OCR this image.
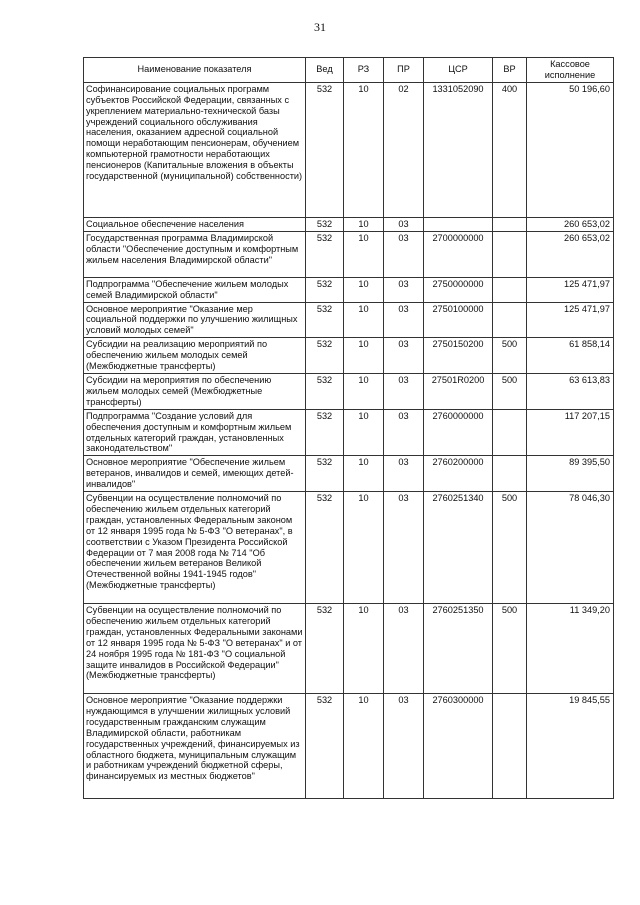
31
Наименование показателя	Вед	РЗ	ПР	ЦСР	ВР	Кассовое исполнение
Софинансирование социальных программ субъектов Российской Федерации, связанных с укреплением материально-технической базы учреждений социального обслуживания населения, оказанием адресной социальной помощи неработающим пенсионерам, обучением компьютерной грамотности неработающих пенсионеров (Капитальные вложения в объекты государственной (муниципальной) собственности)	532	10	02	1331052090	400	50 196,60
Социальное обеспечение населения	532	10	03			260 653,02
Государственная программа Владимирской области "Обеспечение доступным и комфортным жильем населения Владимирской области"	532	10	03	2700000000		260 653,02
Подпрограмма "Обеспечение жильем молодых семей Владимирской области"	532	10	03	2750000000		125 471,97
Основное мероприятие "Оказание мер социальной поддержки по улучшению жилищных условий молодых семей"	532	10	03	2750100000		125 471,97
Субсидии на реализацию мероприятий по обеспечению жильем молодых семей (Межбюджетные трансферты)	532	10	03	2750150200	500	61 858,14
Субсидии на мероприятия по обеспечению жильем молодых семей (Межбюджетные трансферты)	532	10	03	27501R0200	500	63 613,83
Подпрограмма "Создание условий для обеспечения доступным и комфортным жильем отдельных категорий граждан, установленных законодательством"	532	10	03	2760000000		117 207,15
Основное мероприятие "Обеспечение жильем ветеранов, инвалидов и семей, имеющих детей-инвалидов"	532	10	03	2760200000		89 395,50
Субвенции на осуществление полномочий по обеспечению жильем отдельных категорий граждан, установленных Федеральным законом от 12 января 1995 года № 5-ФЗ "О ветеранах", в соответствии с Указом Президента Российской Федерации от 7 мая 2008 года № 714 "Об обеспечении жильем ветеранов Великой Отечественной войны 1941-1945 годов" (Межбюджетные трансферты)	532	10	03	2760251340	500	78 046,30
Субвенции на осуществление полномочий по обеспечению жильем отдельных категорий граждан, установленных Федеральными законами от 12 января 1995 года № 5-ФЗ "О ветеранах" и от 24 ноября 1995 года № 181-ФЗ "О социальной защите инвалидов в Российской Федерации" (Межбюджетные трансферты)	532	10	03	2760251350	500	11 349,20
Основное мероприятие "Оказание поддержки нуждающимся в улучшении жилищных условий государственным гражданским служащим Владимирской области, работникам государственных учреждений, финансируемых из областного бюджета, муниципальным служащим и работникам учреждений бюджетной сферы, финансируемых из местных бюджетов"	532	10	03	2760300000		19 845,55
